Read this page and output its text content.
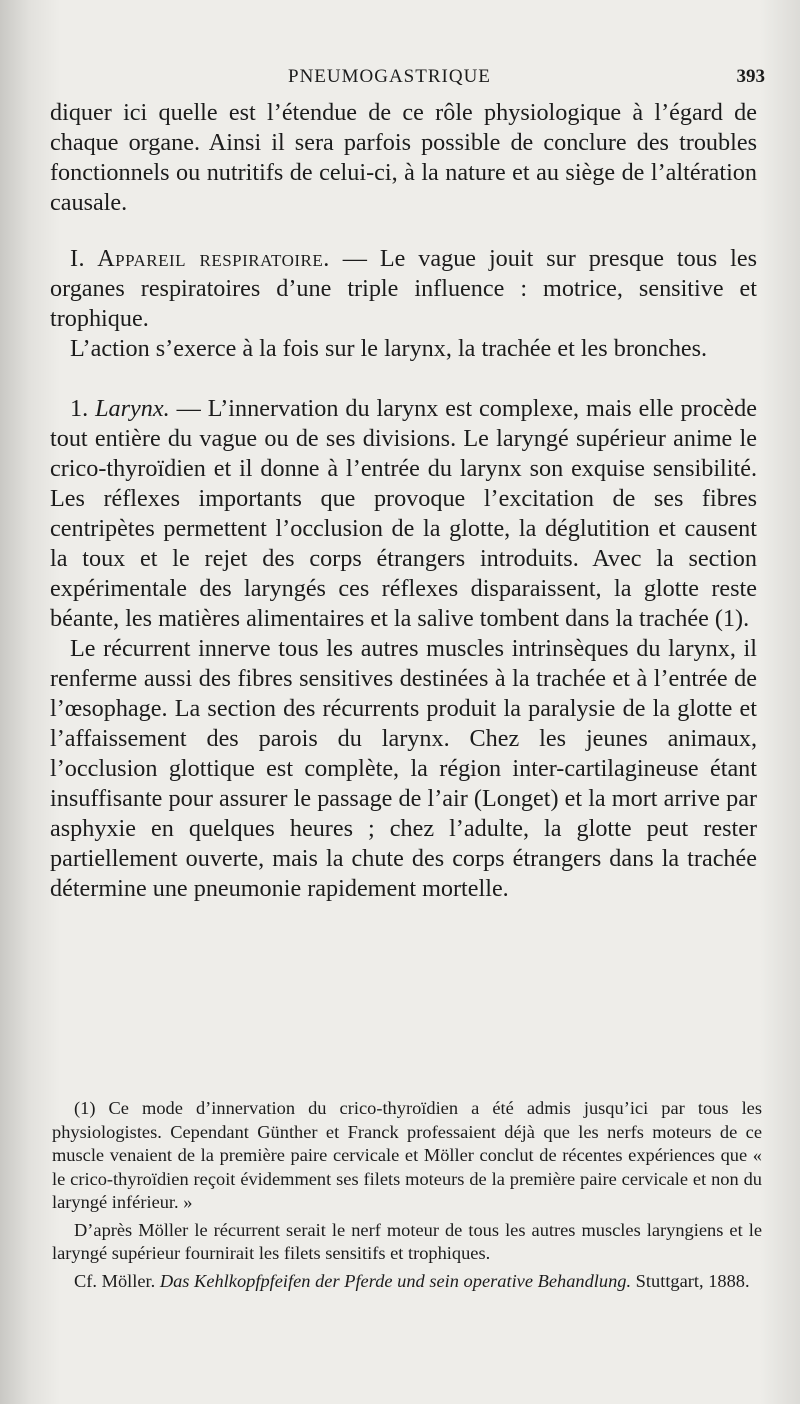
PNEUMOGASTRIQUE	393

diquer ici quelle est l’étendue de ce rôle physiologique à l’égard de chaque organe. Ainsi il sera parfois possible de conclure des troubles fonctionnels ou nutritifs de celui-ci, à la nature et au siège de l’altération causale.

I. Appareil respiratoire. — Le vague jouit sur presque tous les organes respiratoires d’une triple influence : motrice, sensitive et trophique.

L’action s’exerce à la fois sur le larynx, la trachée et les bronches.

1. Larynx. — L’innervation du larynx est complexe, mais elle procède tout entière du vague ou de ses divisions. Le laryngé supérieur anime le crico-thyroïdien et il donne à l’entrée du larynx son exquise sensibilité. Les réflexes importants que provoque l’excitation de ses fibres centripètes permettent l’occlusion de la glotte, la déglutition et causent la toux et le rejet des corps étrangers introduits. Avec la section expérimentale des laryngés ces réflexes disparaissent, la glotte reste béante, les matières alimentaires et la salive tombent dans la trachée (1).

Le récurrent innerve tous les autres muscles intrinsèques du larynx, il renferme aussi des fibres sensitives destinées à la trachée et à l’entrée de l’œsophage. La section des récurrents produit la paralysie de la glotte et l’affaissement des parois du larynx. Chez les jeunes animaux, l’occlusion glottique est complète, la région inter-cartilagineuse étant insuffisante pour assurer le passage de l’air (Longet) et la mort arrive par asphyxie en quelques heures ; chez l’adulte, la glotte peut rester partiellement ouverte, mais la chute des corps étrangers dans la trachée détermine une pneumonie rapidement mortelle.

(1) Ce mode d’innervation du crico-thyroïdien a été admis jusqu’ici par tous les physiologistes. Cependant Günther et Franck professaient déjà que les nerfs moteurs de ce muscle venaient de la première paire cervicale et Möller conclut de récentes expériences que « le crico-thyroïdien reçoit évidemment ses filets moteurs de la première paire cervicale et non du laryngé inférieur. »

D’après Möller le récurrent serait le nerf moteur de tous les autres muscles laryngiens et le laryngé supérieur fournirait les filets sensitifs et trophiques.

Cf. Möller. Das Kehlkopfpfeifen der Pferde und sein operative Behandlung. Stuttgart, 1888.
